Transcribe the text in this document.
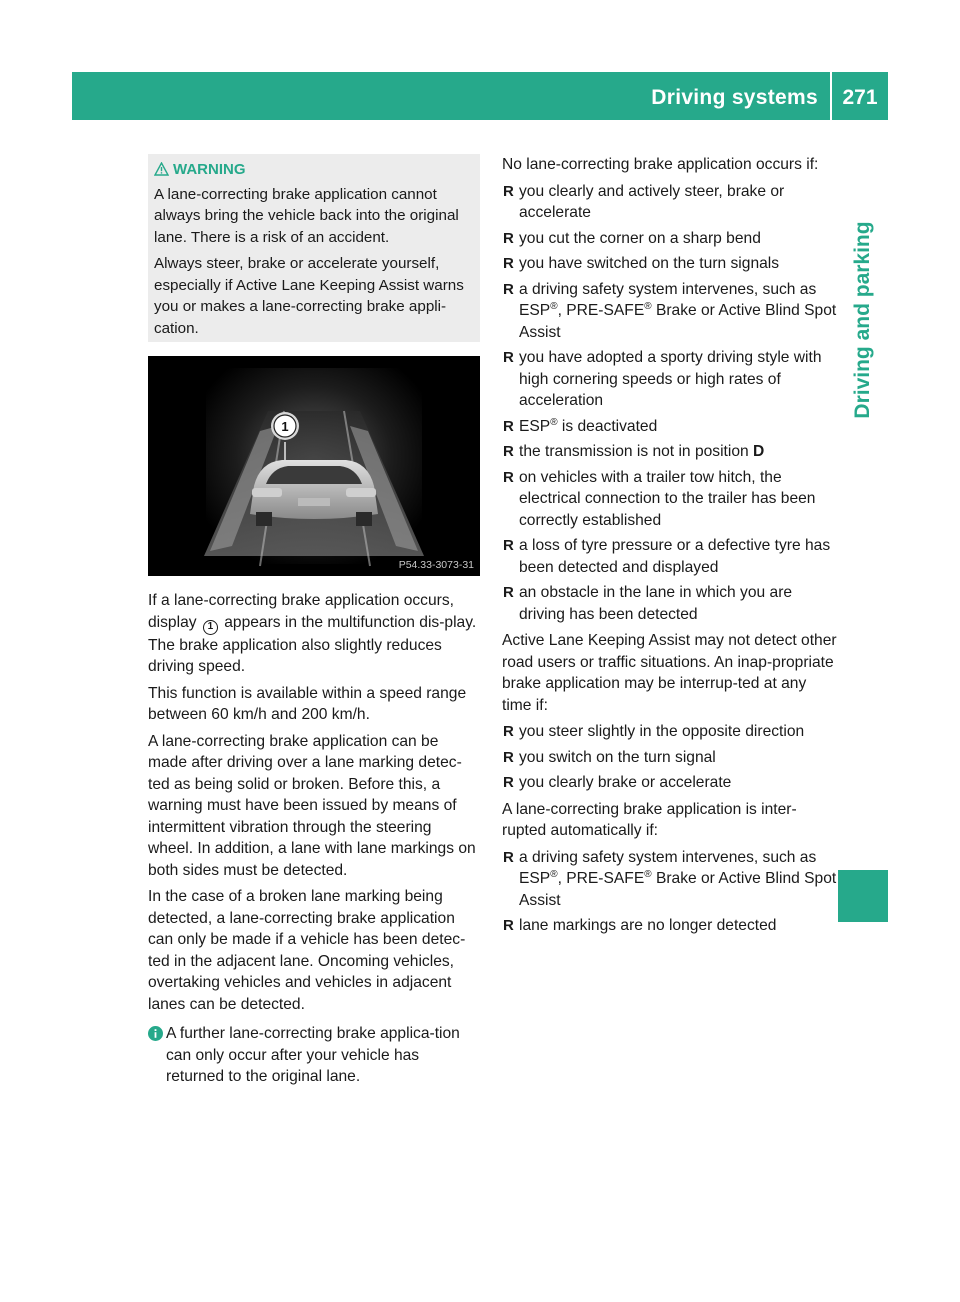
Driving systems	271
Driving and parking
WARNING

A lane-correcting brake application cannot always bring the vehicle back into the original lane. There is a risk of an accident.

Always steer, brake or accelerate yourself, especially if Active Lane Keeping Assist warns you or makes a lane-correcting brake appli-cation.

1
P54.33-3073-31

If a lane-correcting brake application occurs, display 1 appears in the multifunction dis-play. The brake application also slightly reduces driving speed.

This function is available within a speed range between 60 km/h and 200 km/h.

A lane-correcting brake application can be made after driving over a lane marking detec-ted as being solid or broken. Before this, a warning must have been issued by means of intermittent vibration through the steering wheel. In addition, a lane with lane markings on both sides must be detected.

In the case of a broken lane marking being detected, a lane-correcting brake application can only be made if a vehicle has been detec-ted in the adjacent lane. Oncoming vehicles, overtaking vehicles and vehicles in adjacent lanes can be detected.

A further lane-correcting brake applica-tion can only occur after your vehicle has returned to the original lane.

No lane-correcting brake application occurs if:

R you clearly and actively steer, brake or accelerate
R you cut the corner on a sharp bend
R you have switched on the turn signals
R a driving safety system intervenes, such as ESP®, PRE-SAFE® Brake or Active Blind Spot Assist
R you have adopted a sporty driving style with high cornering speeds or high rates of acceleration
R ESP® is deactivated
R the transmission is not in position D
R on vehicles with a trailer tow hitch, the electrical connection to the trailer has been correctly established
R a loss of tyre pressure or a defective tyre has been detected and displayed
R an obstacle in the lane in which you are driving has been detected

Active Lane Keeping Assist may not detect other road users or traffic situations. An inap-propriate brake application may be interrup-ted at any time if:

R you steer slightly in the opposite direction
R you switch on the turn signal
R you clearly brake or accelerate

A lane-correcting brake application is inter-rupted automatically if:

R a driving safety system intervenes, such as ESP®, PRE-SAFE® Brake or Active Blind Spot Assist
R lane markings are no longer detected
